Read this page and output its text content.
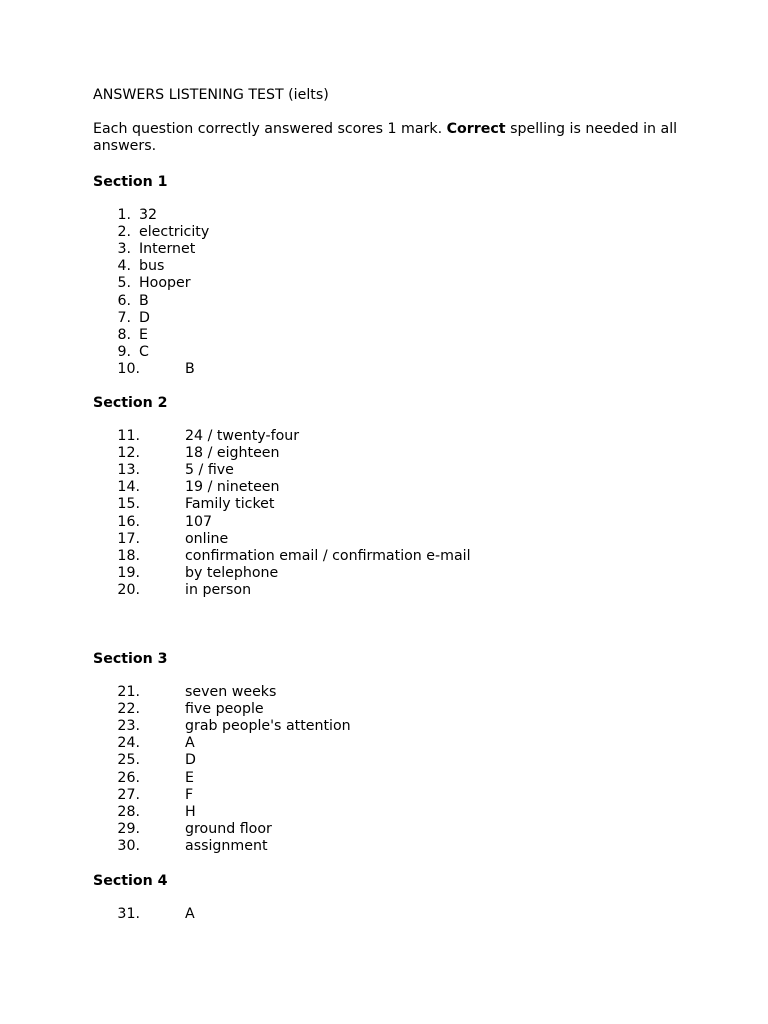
ANSWERS LISTENING TEST (ielts)
Each question correctly answered scores 1 mark. Correct spelling is needed in all answers.
Section 1
1. 32
2. electricity
3. Internet
4. bus
5. Hooper
6. B
7. D
8. E
9. C
10.	B
Section 2
11.	24 / twenty-four
12.	18 / eighteen
13.	5 / five
14.	19 / nineteen
15.	Family ticket
16.	107
17.	online
18.	confirmation email / confirmation e-mail
19.	by telephone
20.	in person
Section 3
21.	seven weeks
22.	five people
23.	grab people's attention
24.	A
25.	D
26.	E
27.	F
28.	H
29.	ground floor
30.	assignment
Section 4
31.	A
